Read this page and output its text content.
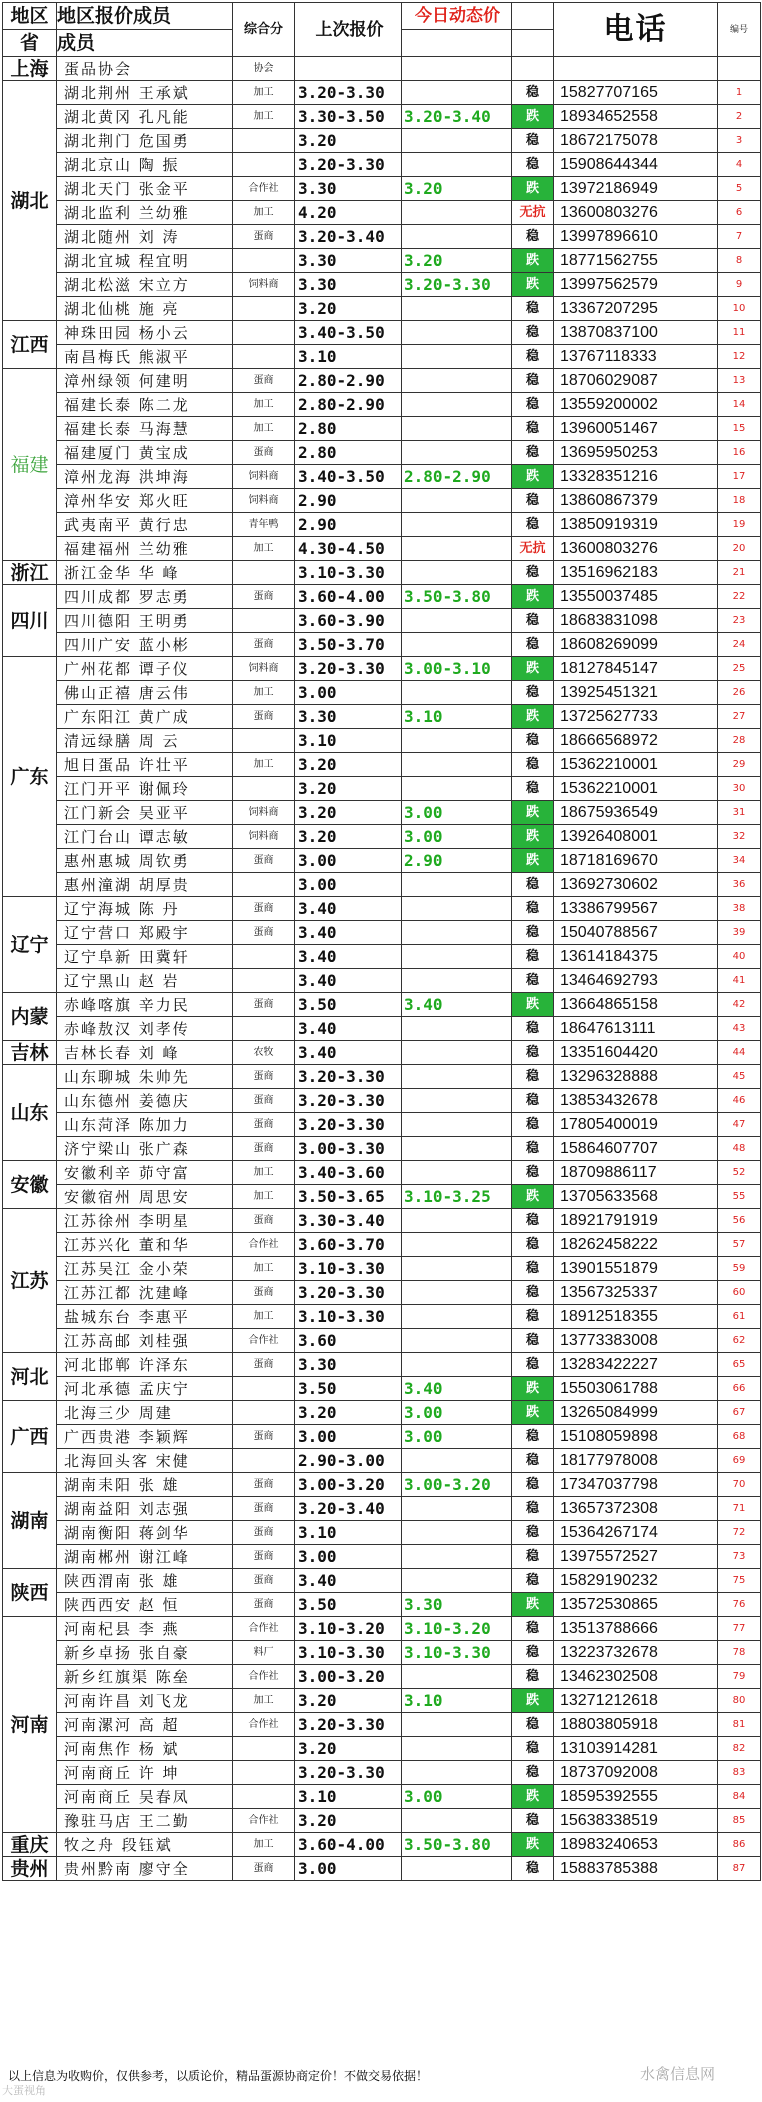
地区	地区报价成员	综合分	上次报价	今日动态价		电话	编号
省	成员						
上海	蛋品协会	协会					
湖北	湖北荆州 王承斌	加工	3.20-3.30		稳	15827707165	1
	湖北黄冈 孔凡能	加工	3.30-3.50	3.20-3.40	跌	18934652558	2
	湖北荆门 危国勇		3.20		稳	18672175078	3
	湖北京山 陶 振		3.20-3.30		稳	15908644344	4
	湖北天门 张金平	合作社	3.30	3.20	跌	13972186949	5
	湖北监利 兰幼雅	加工	4.20		无抗	13600803276	6
	湖北随州 刘 涛	蛋商	3.20-3.40		稳	13997896610	7
	湖北宜城 程宜明		3.30	3.20	跌	18771562755	8
	湖北松滋 宋立方	饲料商	3.30	3.20-3.30	跌	13997562579	9
	湖北仙桃 施 亮		3.20		稳	13367207295	10
江西	神珠田园 杨小云		3.40-3.50		稳	13870837100	11
	南昌梅氏 熊淑平		3.10		稳	13767118333	12
福建	漳州绿领 何建明	蛋商	2.80-2.90		稳	18706029087	13
	福建长泰 陈二龙	加工	2.80-2.90		稳	13559200002	14
	福建长泰 马海慧	加工	2.80		稳	13960051467	15
	福建厦门 黄宝成	蛋商	2.80		稳	13695950253	16
	漳州龙海 洪坤海	饲料商	3.40-3.50	2.80-2.90	跌	13328351216	17
	漳州华安 郑火旺	饲料商	2.90		稳	13860867379	18
	武夷南平 黄行忠	青年鸭	2.90		稳	13850919319	19
	福建福州 兰幼雅	加工	4.30-4.50		无抗	13600803276	20
浙江	浙江金华 华 峰		3.10-3.30		稳	13516962183	21
四川	四川成都 罗志勇	蛋商	3.60-4.00	3.50-3.80	跌	13550037485	22
	四川德阳 王明勇		3.60-3.90		稳	18683831098	23
	四川广安 蓝小彬	蛋商	3.50-3.70		稳	18608269099	24
广东	广州花都 谭子仪	饲料商	3.20-3.30	3.00-3.10	跌	18127845147	25
	佛山正禧 唐云伟	加工	3.00		稳	13925451321	26
	广东阳江 黄广成	蛋商	3.30	3.10	跌	13725627733	27
	清远绿膳 周 云		3.10		稳	18666568972	28
	旭日蛋品 许壮平	加工	3.20		稳	15362210001	29
	江门开平 谢佩玲		3.20		稳	15362210001	30
	江门新会 吴亚平	饲料商	3.20	3.00	跌	18675936549	31
	江门台山 谭志敏	饲料商	3.20	3.00	跌	13926408001	32
	惠州惠城 周钦勇	蛋商	3.00	2.90	跌	18718169670	34
	惠州潼湖 胡厚贵		3.00		稳	13692730602	36
辽宁	辽宁海城 陈 丹	蛋商	3.40		稳	13386799567	38
	辽宁营口 郑殿宇	蛋商	3.40		稳	15040788567	39
	辽宁阜新 田冀轩		3.40		稳	13614184375	40
	辽宁黑山 赵 岩		3.40		稳	13464692793	41
内蒙	赤峰喀旗 辛力民	蛋商	3.50	3.40	跌	13664865158	42
	赤峰敖汉 刘孝传		3.40		稳	18647613111	43
吉林	吉林长春 刘 峰	农牧	3.40		稳	13351604420	44
山东	山东聊城 朱帅先	蛋商	3.20-3.30		稳	13296328888	45
	山东德州 姜德庆	蛋商	3.20-3.30		稳	13853432678	46
	山东菏泽 陈加力	蛋商	3.20-3.30		稳	17805400019	47
	济宁梁山 张广森	蛋商	3.00-3.30		稳	15864607707	48
安徽	安徽利辛 茆守富	加工	3.40-3.60		稳	18709886117	52
	安徽宿州 周思安	加工	3.50-3.65	3.10-3.25	跌	13705633568	55
江苏	江苏徐州 李明星	蛋商	3.30-3.40		稳	18921791919	56
	江苏兴化 董和华	合作社	3.60-3.70		稳	18262458222	57
	江苏吴江 金小荣	加工	3.10-3.30		稳	13901551879	59
	江苏江都 沈建峰	蛋商	3.20-3.30		稳	13567325337	60
	盐城东台 李惠平	加工	3.10-3.30		稳	18912518355	61
	江苏高邮 刘桂强	合作社	3.60		稳	13773383008	62
河北	河北邯郸 许泽东	蛋商	3.30		稳	13283422227	65
	河北承德 孟庆宁		3.50	3.40	跌	15503061788	66
广西	北海三少 周建		3.20	3.00	跌	13265084999	67
	广西贵港 李颖辉	蛋商	3.00	3.00	稳	15108059898	68
	北海回头客 宋健		2.90-3.00		稳	18177978008	69
湖南	湖南耒阳 张 雄	蛋商	3.00-3.20	3.00-3.20	稳	17347037798	70
	湖南益阳 刘志强	蛋商	3.20-3.40		稳	13657372308	71
	湖南衡阳 蒋剑华	蛋商	3.10		稳	15364267174	72
	湖南郴州 谢江峰	蛋商	3.00		稳	13975572527	73
陕西	陕西渭南 张 雄	蛋商	3.40		稳	15829190232	75
	陕西西安 赵 恒	蛋商	3.50	3.30	跌	13572530865	76
河南	河南杞县 李 燕	合作社	3.10-3.20	3.10-3.20	稳	13513788666	77
	新乡卓扬 张自豪	料厂	3.10-3.30	3.10-3.30	稳	13223732678	78
	新乡红旗渠 陈垒	合作社	3.00-3.20		稳	13462302508	79
	河南许昌 刘飞龙	加工	3.20	3.10	跌	13271212618	80
	河南漯河 高 超	合作社	3.20-3.30		稳	18803805918	81
	河南焦作 杨 斌		3.20		稳	13103914281	82
	河南商丘 许 坤		3.20-3.30		稳	18737092008	83
	河南商丘 吴春凤		3.10	3.00	跌	18595392555	84
	豫驻马店 王二勤	合作社	3.20		稳	15638338519	85
重庆	牧之舟 段钰斌	加工	3.60-4.00	3.50-3.80	跌	18983240653	86
贵州	贵州黔南 廖守全	蛋商	3.00		稳	15883785388	87
以上信息为收购价，仅供参考，以质论价，精品蛋源协商定价！不做交易依据！	水禽信息网
大蛋视角
